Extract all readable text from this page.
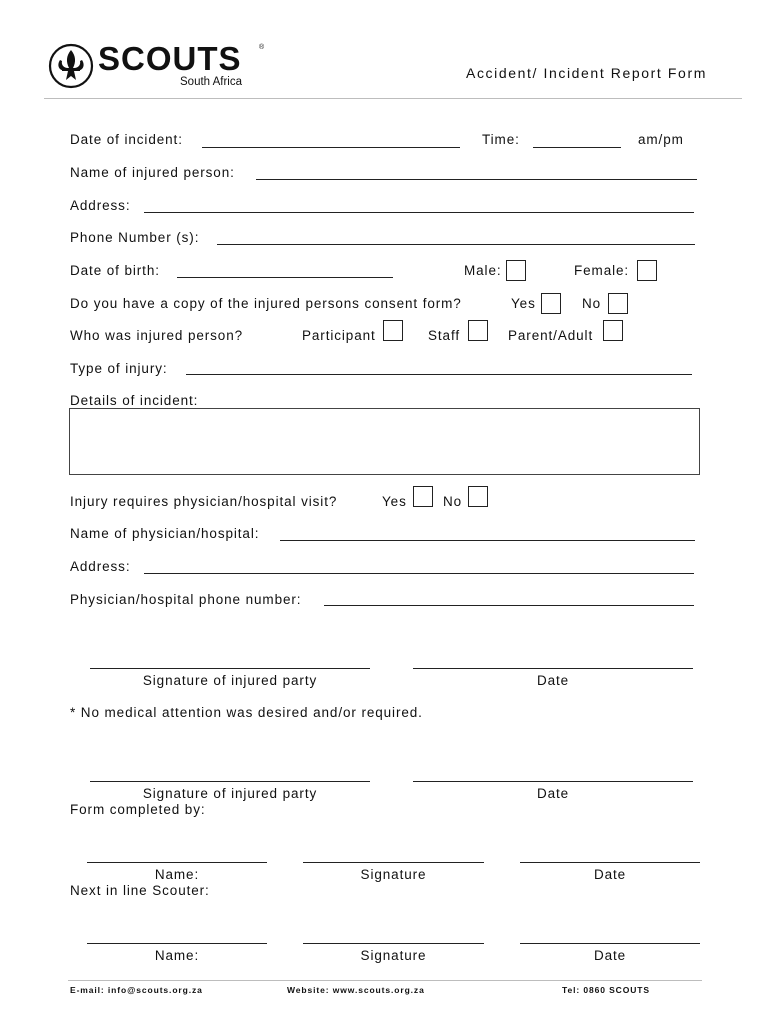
SCOUTS ®
South Africa
Accident/ Incident Report Form
Date of incident:	Time:	am/pm
Name of injured person:
Address:
Phone Number (s):
Date of birth:	Male:	Female:
Do you have a copy of the injured persons consent form?	Yes	No
Who was injured person?	Participant	Staff	Parent/Adult
Type of injury:
Details of incident:
Injury requires physician/hospital visit?	Yes	No
Name of physician/hospital:
Address:
Physician/hospital phone number:
Signature of injured party	Date
* No medical attention was desired and/or required.
Signature of injured party	Date
Form completed by:
Name:	Signature	Date
Next in line Scouter:
Name:	Signature	Date
E-mail: info@scouts.org.za	Website: www.scouts.org.za	Tel: 0860 SCOUTS
